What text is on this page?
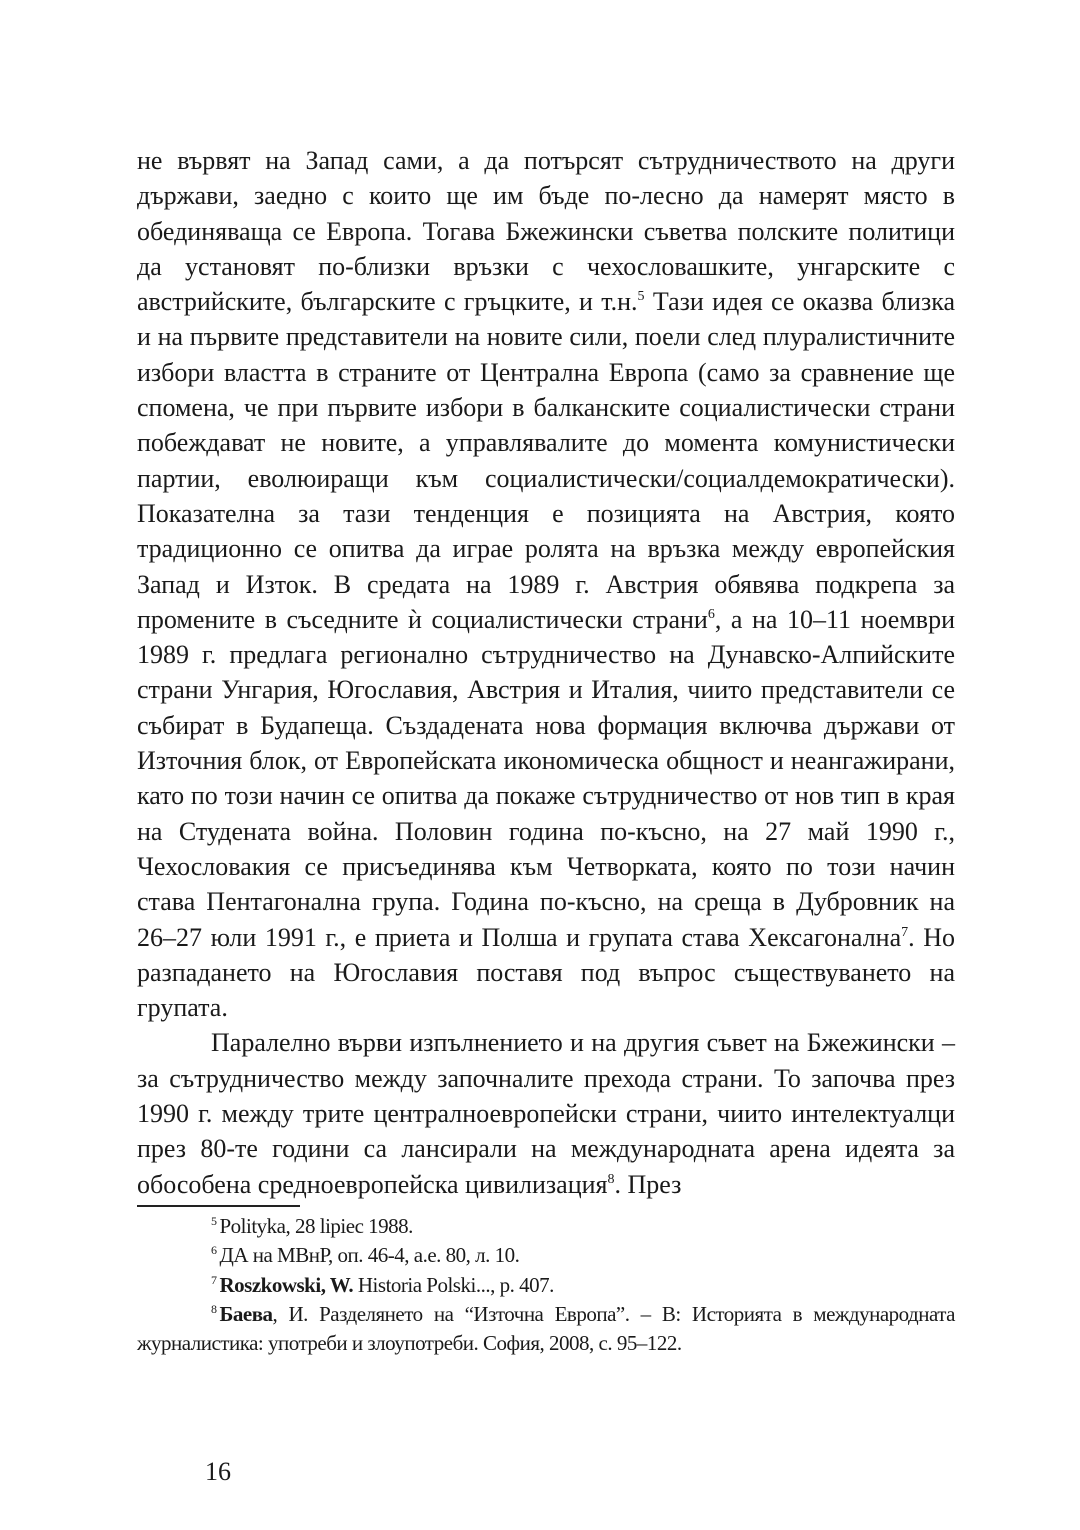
не вървят на Запад сами, а да потърсят сътрудничеството на други държави, заедно с които ще им бъде по-лесно да намерят място в обединяваща се Европа. Тогава Бжежински съветва полските политици да установят по-близки връзки с чехословашките, унгарските с австрийските, българските с гръцките, и т.н.$^5$ Тази идея се оказва близка и на първите представители на новите сили, поели след плуралистичните избори властта в страните от Централна Европа (само за сравнение ще спомена, че при първите избори в балканските социалистически страни побеждават не новите, а управлявалите до момента комунистически партии, еволюиращи към социалистически/социалдемократически). Показателна за тази тенденция е позицията на Австрия, която традиционно се опитва да играе ролята на връзка между европейския Запад и Изток. В средата на 1989 г. Австрия обявява подкрепа за промените в съседните ѝ социалистически страни$^6$, а на 10–11 ноември 1989 г. предлага регионално сътрудничество на Дунавско-Алпийските страни Унгария, Югославия, Австрия и Италия, чиито представители се събират в Будапеща. Създадената нова формация включва държави от Източния блок, от Европейската икономическа общност и неангажирани, като по този начин се опитва да покаже сътрудничество от нов тип в края на Студената война. Половин година по-късно, на 27 май 1990 г., Чехословакия се присъединява към Четворката, която по този начин става Пентагонална група. Година по-късно, на среща в Дубровник на 26–27 юли 1991 г., е приета и Полша и групата става Хексагонална$^7$. Но разпадането на Югославия поставя под въпрос съществуването на групата.

Паралелно върви изпълнението и на другия съвет на Бжежински – за сътрудничество между започналите прехода страни. То започва през 1990 г. между трите централноевропейски страни, чиито интелектуалци през 80-те години са лансирали на международната арена идеята за обособена средноевропейска цивилизация$^8$. През

$^5$ Polityka, 28 lipiec 1988.

$^6$ ДА на МВнР, оп. 46-4, а.е. 80, л. 10.

$^7$ Roszkowski, W. Historia Polski..., p. 407.

$^8$ Баева, И. Разделянето на “Източна Европа”. – В: Историята в международната журналистика: употреби и злоупотреби. София, 2008, с. 95–122.

16
